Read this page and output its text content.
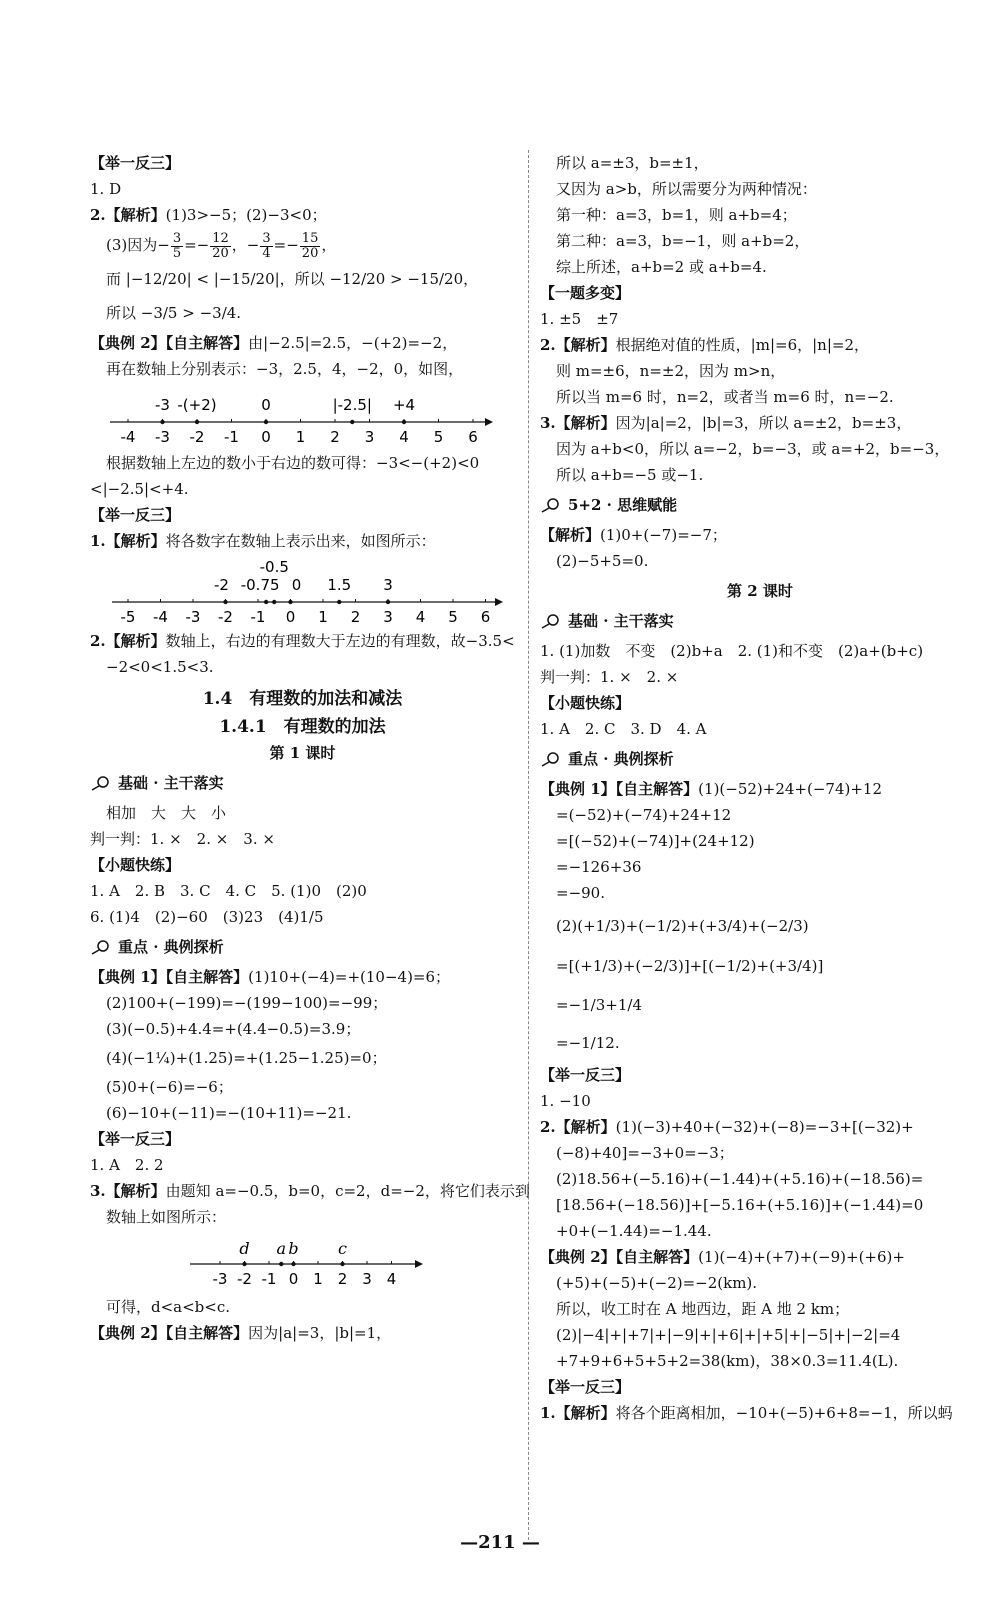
【举一反三】
1. D
2.【解析】(1)3>−5；(2)−3<0；
(3)因为− $\frac{3}{5} =- \frac{12}{20}$ ，− $\frac{3}{4} =- \frac{15}{20}$ ，
而 |−12/20| < |−15/20|，所以 −12/20 > −15/20，
所以 −3/5 > −3/4.
【典例 2】【自主解答】由|−2.5|=2.5，−(+2)=−2，
再在数轴上分别表示：−3，2.5，4，−2，0，如图，
-4 -3 -2 -1 0 1 2 3 4 5 6
-3 -(+2)	0	|-2.5| +4
根据数轴上左边的数小于右边的数可得：−3<−(+2)<0
<|−2.5|<+4.
【举一反三】
1.【解析】将各数字在数轴上表示出来，如图所示：
-5 -4 -3 -2 -1 0 1 2 3 4 5 6
-0.5
-2 -0.75 0 1.5 3
2.【解析】数轴上，右边的有理数大于左边的有理数，故−3.5<
−2<0<1.5<3.
1.4　有理数的加法和减法
1.4.1　有理数的加法
第 1 课时
基础 · 主干落实
相加　大　大　小
判一判：1. ×　2. ×　3. ×
【小题快练】
1. A　2. B　3. C　4. C　5. (1)0　(2)0
6. (1)4　(2)−60　(3)23　(4)1/5
重点 · 典例探析
【典例 1】【自主解答】(1)10+(−4)=+(10−4)=6；
(2)100+(−199)=−(199−100)=−99；
(3)(−0.5)+4.4=+(4.4−0.5)=3.9；
(4)(−1¼)+(1.25)=+(1.25−1.25)=0；
(5)0+(−6)=−6；
(6)−10+(−11)=−(10+11)=−21.
【举一反三】
1. A　2. 2
3.【解析】由题知 a=−0.5，b=0，c=2，d=−2，将它们表示到
数轴上如图所示：
-3 -2 -1 0 1 2 3 4
d a b c
可得，d<a<b<c.
【典例 2】【自主解答】因为|a|=3，|b|=1，
所以 a=±3，b=±1，
又因为 a>b，所以需要分为两种情况：
第一种：a=3，b=1，则 a+b=4；
第二种：a=3，b=−1，则 a+b=2，
综上所述，a+b=2 或 a+b=4.
【一题多变】
1. ±5　±7
2.【解析】根据绝对值的性质，|m|=6，|n|=2，
则 m=±6，n=±2，因为 m>n，
所以当 m=6 时，n=2，或者当 m=6 时，n=−2.
3.【解析】因为|a|=2，|b|=3，所以 a=±2，b=±3，
因为 a+b<0，所以 a=−2，b=−3，或 a=+2，b=−3，
所以 a+b=−5 或−1.
5+2 · 思维赋能
【解析】(1)0+(−7)=−7；
(2)−5+5=0.
第 2 课时
基础 · 主干落实
1. (1)加数　不变　(2)b+a　2. (1)和不变　(2)a+(b+c)
判一判：1. ×　2. ×
【小题快练】
1. A　2. C　3. D　4. A
重点 · 典例探析
【典例 1】【自主解答】(1)(−52)+24+(−74)+12
=(−52)+(−74)+24+12
=[(−52)+(−74)]+(24+12)
=−126+36
=−90.
(2)(+1/3)+(−1/2)+(+3/4)+(−2/3)
=[(+1/3)+(−2/3)]+[(−1/2)+(+3/4)]
=−1/3+1/4
=−1/12.
【举一反三】
1. −10
2.【解析】(1)(−3)+40+(−32)+(−8)=−3+[(−32)+
(−8)+40]=−3+0=−3；
(2)18.56+(−5.16)+(−1.44)+(+5.16)+(−18.56)=
[18.56+(−18.56)]+[−5.16+(+5.16)]+(−1.44)=0
+0+(−1.44)=−1.44.
【典例 2】【自主解答】(1)(−4)+(+7)+(−9)+(+6)+
(+5)+(−5)+(−2)=−2(km).
所以，收工时在 A 地西边，距 A 地 2 km；
(2)|−4|+|+7|+|−9|+|+6|+|+5|+|−5|+|−2|=4
+7+9+6+5+5+2=38(km)，38×0.3=11.4(L).
【举一反三】
1.【解析】将各个距离相加，−10+(−5)+6+8=−1，所以蚂
—211 —
